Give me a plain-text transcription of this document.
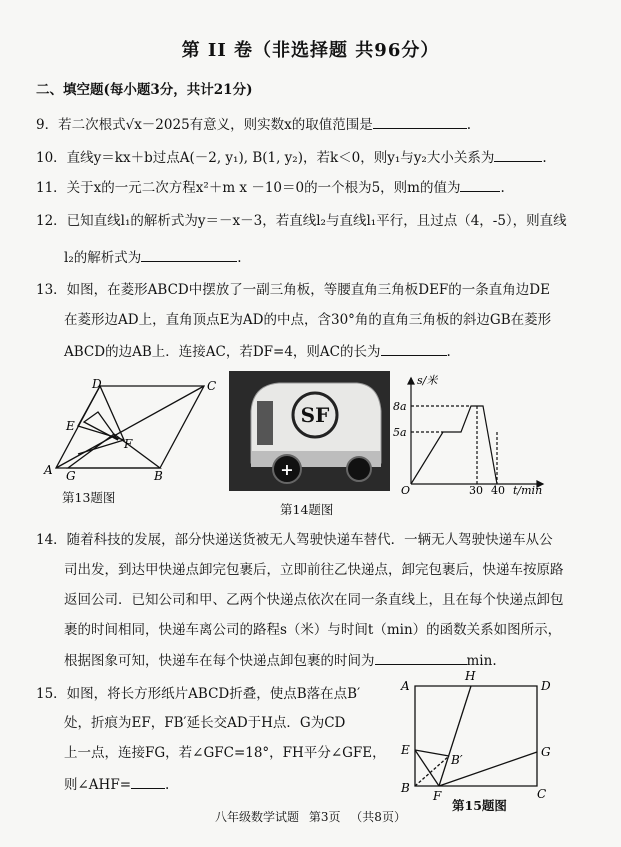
第 II 卷（非选择题 共96分）
二、填空题(每小题3分，共计21分)
9．若二次根式√x－2025有意义，则实数x的取值范围是	.
10．直线y＝kx＋b过点A(－2, y₁), B(1, y₂)，若k＜0，则y₁与y₂大小关系为	.
11．关于x的一元二次方程x²＋m x －10＝0的一个根为5，则m的值为	.
12．已知直线l₁的解析式为y＝－x－3，若直线l₂与直线l₁平行，且过点（4，-5），则直线
l₂的解析式为	.
13．如图，在菱形ABCD中摆放了一副三角板，等腰直角三角板DEF的一条直角边DE
在菱形边AD上，直角顶点E为AD的中点，含30°角的直角三角板的斜边GB在菱形
ABCD的边AB上．连接AC，若DF=4，则AC的长为	.
D	C
E
F
G
A	B
第13题图
SF
+
第14题图
s/米
8a
5a
O	30 40 t/min
14．随着科技的发展，部分快递送货被无人驾驶快递车替代．一辆无人驾驶快递车从公
司出发，到达甲快递点卸完包裹后，立即前往乙快递点，卸完包裹后，快递车按原路
返回公司．已知公司和甲、乙两个快递点依次在同一条直线上，且在每个快递点卸包
裹的时间相同，快递车离公司的路程s（米）与时间t（min）的函数关系如图所示，
根据图象可知，快递车在每个快递点卸包裹的时间为	min.
15．如图，将长方形纸片ABCD折叠，使点B落在点B′
处，折痕为EF，FB′延长交AD于H点．G为CD
上一点，连接FG，若∠GFC=18°，FH平分∠GFE，
则∠AHF=	.
A	D
H
E
B′
G
B
F	C
第15题图
八年级数学试题 第3页 （共8页）
